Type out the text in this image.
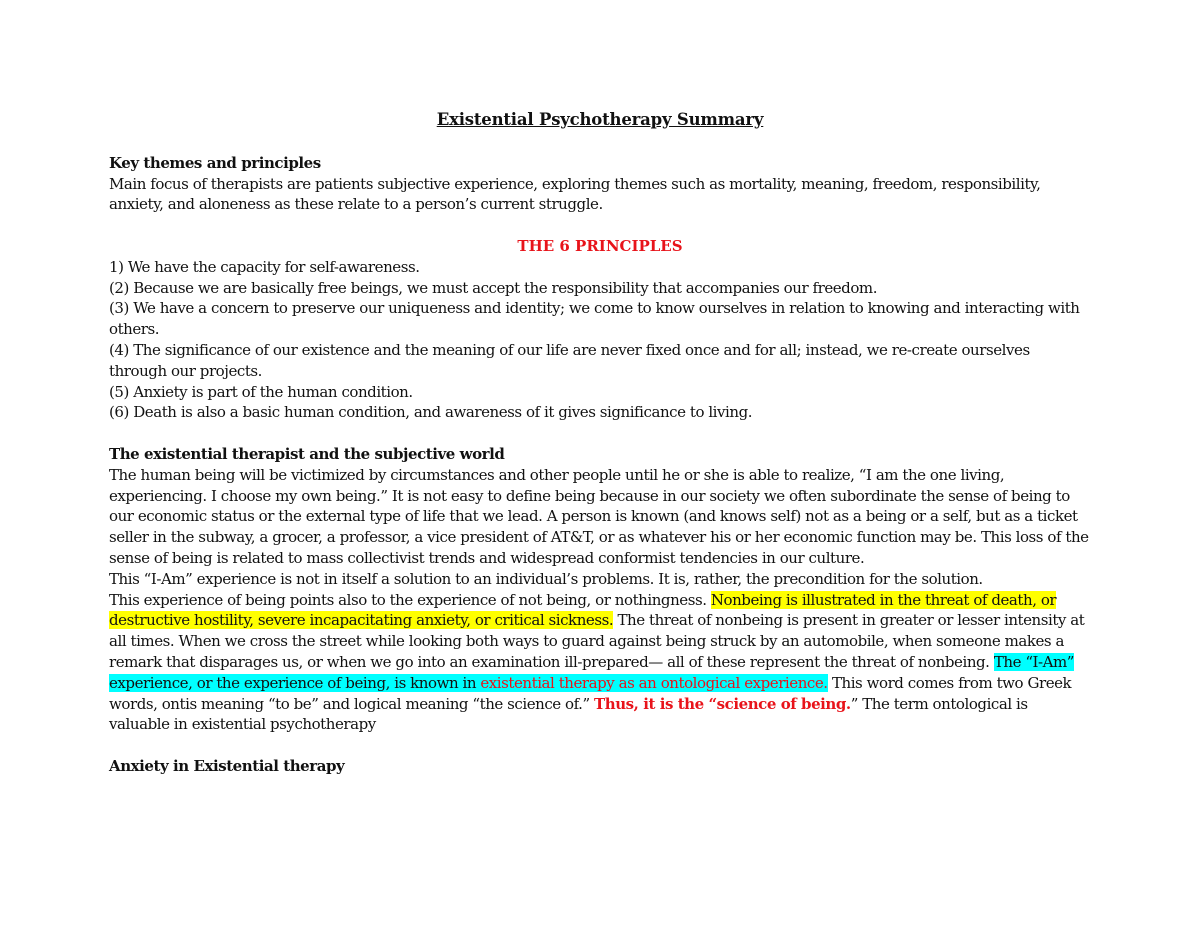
Existential Psychotherapy Summary

Key themes and principles

Main focus of therapists are patients subjective experience, exploring themes such as mortality, meaning, freedom, responsibility, anxiety, and aloneness as these relate to a person’s current struggle.

THE 6 PRINCIPLES

1) We have the capacity for self-awareness.

(2) Because we are basically free beings, we must accept the responsibility that accompanies our freedom.

(3) We have a concern to preserve our uniqueness and identity; we come to know ourselves in relation to knowing and interacting with others.

(4) The significance of our existence and the meaning of our life are never fixed once and for all; instead, we re-create ourselves through our projects.

(5) Anxiety is part of the human condition.

(6) Death is also a basic human condition, and awareness of it gives significance to living.

The existential therapist and the subjective world

The human being will be victimized by circumstances and other people until he or she is able to realize, “I am the one living, experiencing. I choose my own being.” It is not easy to define being because in our society we often subordinate the sense of being to our economic status or the external type of life that we lead. A person is known (and knows self) not as a being or a self, but as a ticket seller in the subway, a grocer, a professor, a vice president of AT&T, or as whatever his or her economic function may be. This loss of the sense of being is related to mass collectivist trends and widespread conformist tendencies in our culture.

This “I-Am” experience is not in itself a solution to an individual’s problems. It is, rather, the precondition for the solution.

This experience of being points also to the experience of not being, or nothingness. Nonbeing is illustrated in the threat of death, or destructive hostility, severe incapacitating anxiety, or critical sickness. The threat of nonbeing is present in greater or lesser intensity at all times. When we cross the street while looking both ways to guard against being struck by an automobile, when someone makes a remark that disparages us, or when we go into an examination ill-prepared— all of these represent the threat of nonbeing. The “I-Am” experience, or the experience of being, is known in existential therapy as an ontological experience. This word comes from two Greek words, ontis meaning “to be” and logical meaning “the science of.” Thus, it is the “science of being.” The term ontological is valuable in existential psychotherapy

Anxiety in Existential therapy
